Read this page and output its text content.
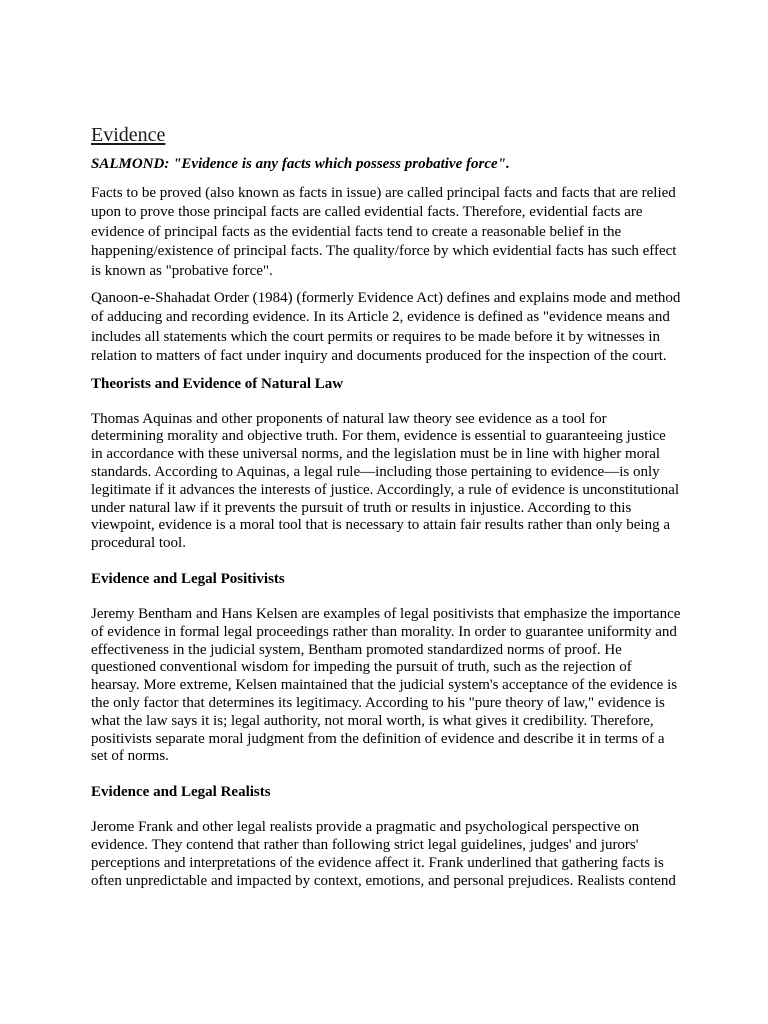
Evidence

SALMOND: "Evidence is any facts which possess probative force".

Facts to be proved (also known as facts in issue) are called principal facts and facts that are relied upon to prove those principal facts are called evidential facts. Therefore, evidential facts are evidence of principal facts as the evidential facts tend to create a reasonable belief in the happening/existence of principal facts. The quality/force by which evidential facts has such effect is known as "probative force".

Qanoon-e-Shahadat Order (1984) (formerly Evidence Act) defines and explains mode and method of adducing and recording evidence. In its Article 2, evidence is defined as "evidence means and includes all statements which the court permits or requires to be made before it by witnesses in relation to matters of fact under inquiry and documents produced for the inspection of the court.

Theorists and Evidence of Natural Law

Thomas Aquinas and other proponents of natural law theory see evidence as a tool for determining morality and objective truth. For them, evidence is essential to guaranteeing justice in accordance with these universal norms, and the legislation must be in line with higher moral standards. According to Aquinas, a legal rule—including those pertaining to evidence—is only legitimate if it advances the interests of justice. Accordingly, a rule of evidence is unconstitutional under natural law if it prevents the pursuit of truth or results in injustice. According to this viewpoint, evidence is a moral tool that is necessary to attain fair results rather than only being a procedural tool.

Evidence and Legal Positivists

Jeremy Bentham and Hans Kelsen are examples of legal positivists that emphasize the importance of evidence in formal legal proceedings rather than morality. In order to guarantee uniformity and effectiveness in the judicial system, Bentham promoted standardized norms of proof. He questioned conventional wisdom for impeding the pursuit of truth, such as the rejection of hearsay. More extreme, Kelsen maintained that the judicial system's acceptance of the evidence is the only factor that determines its legitimacy. According to his "pure theory of law," evidence is what the law says it is; legal authority, not moral worth, is what gives it credibility. Therefore, positivists separate moral judgment from the definition of evidence and describe it in terms of a set of norms.

Evidence and Legal Realists

Jerome Frank and other legal realists provide a pragmatic and psychological perspective on evidence. They contend that rather than following strict legal guidelines, judges' and jurors' perceptions and interpretations of the evidence affect it. Frank underlined that gathering facts is often unpredictable and impacted by context, emotions, and personal prejudices. Realists contend
